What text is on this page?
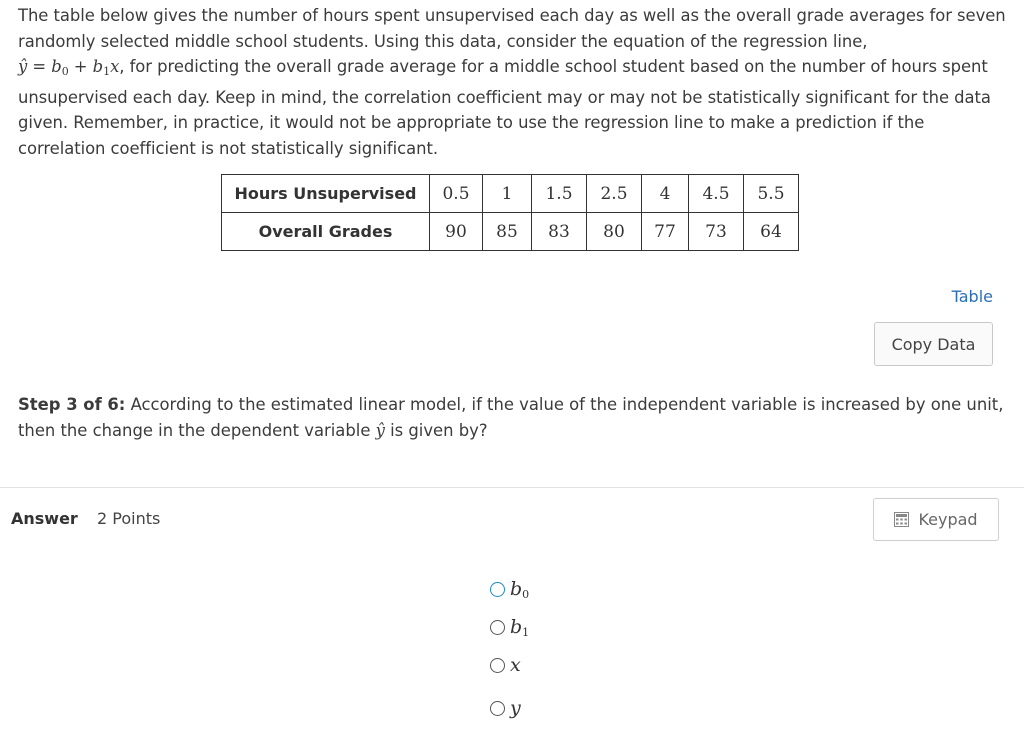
The table below gives the number of hours spent unsupervised each day as well as the overall grade averages for seven randomly selected middle school students. Using this data, consider the equation of the regression line,
ŷ = $b_0 + b_1x$, for predicting the overall grade average for a middle school student based on the number of hours spent unsupervised each day. Keep in mind, the correlation coefficient may or may not be statistically significant for the data given. Remember, in practice, it would not be appropriate to use the regression line to make a prediction if the correlation coefficient is not statistically significant.
Hours Unsupervised	0.5	1	1.5	2.5	4	4.5	5.5
Overall Grades	90	85	83	80	77	73	64
Table
Copy Data
Step 3 of 6: According to the estimated linear model, if the value of the independent variable is increased by one unit, then the change in the dependent variable ŷ is given by?
Answer 2 Points	Keypad
$b_0$
$b_1$
x
y
